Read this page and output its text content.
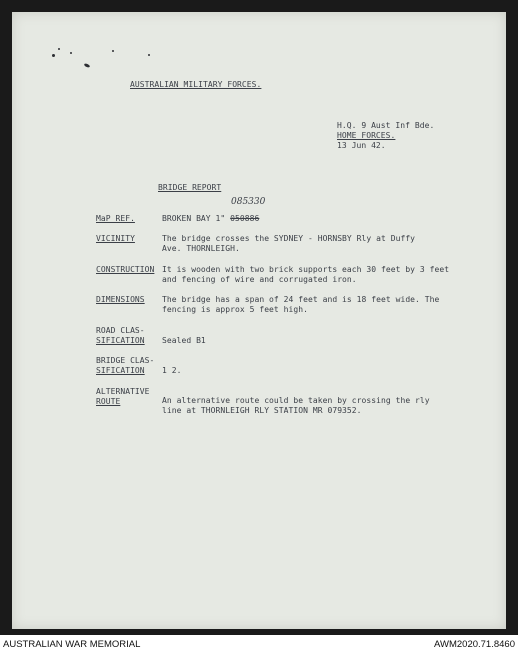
AUSTRALIAN MILITARY FORCES.
H.Q. 9 Aust Inf Bde.
HOME FORCES.
13 Jun 42.
BRIDGE REPORT
085330
MaP REF.	BROKEN BAY 1" 050886
VICINITY	The bridge crosses the SYDNEY - HORNSBY Rly at Duffy
Ave. THORNLEIGH.
CONSTRUCTION It is wooden with two brick supports each 30 feet by 3 feet
and fencing of wire and corrugated iron.
DIMENSIONS The bridge has a span of 24 feet and is 18 feet wide. The
fencing is approx 5 feet high.
ROAD CLAS-
SIFICATION Sealed B1
BRIDGE CLAS-
SIFICATION 1 2.
ALTERNATIVE
ROUTE	An alternative route could be taken by crossing the rly
line at THORNLEIGH RLY STATION MR 079352.
AUSTRALIAN WAR MEMORIAL	AWM2020.71.8460
